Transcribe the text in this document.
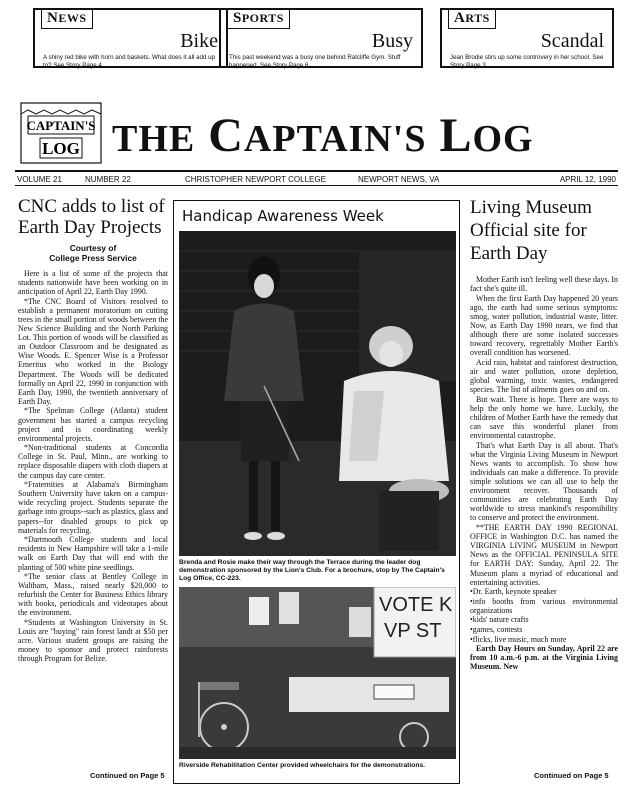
NEWS
Bike
A shiny red bike with horn and baskets. What does it all add up to? See Story Page 4.
SPORTS
Busy
This past weekend was a busy one behind Ratcliffe Gym. Stuff happened. See Story Page 6.
ARTS
Scandal
Jean Brodie stirs up some controvery in her school. See Story Page 3.
CAPTAIN'S
LOG THE CAPTAIN'S LOG
VOLUME 21	NUMBER 22	CHRISTOPHER NEWPORT COLLEGE	NEWPORT NEWS, VA	APRIL 12, 1990
CNC adds to list of Earth Day Projects
Courtesy of
College Press Service

Here is a list of some of the projects that students nationwide have been working on in anticipation of April 22, Earth Day 1990.

*The CNC Board of Visitors resolved to establish a permanent moratorium on cutting trees in the small portion of woods between the New Science Building and the North Parking Lot. This portion of woods will be classified as an Outdoor Classroom and be designated as Wise Woods. E. Spencer Wise is a Professor Emeritus who worked in the Biology Department. The Woods will be dedicated formally on April 22, 1990 in conjunction with Earth Day, 1990, the twentieth anniversary of Earth Day.

*The Spelman College (Atlanta) student government has started a campus recycling project and is coordinating weekly environmental projects.

*Non-traditional students at Concordia College in St. Paul, Minn., are working to replace disposable diapers with cloth diapers at the campus day care center.

*Fraternities at Alabama's Birmingham Southern University have taken on a campus-wide recycling project. Students separate the garbage into groups--such as plastics, glass and papers--for disabled groups to pick up materials for recycling.

*Dartmouth College students and local residents in New Hampshire will take a 1-mile walk on Earth Day that will end with the planting of 500 white pine seedlings.

*The senior class at Bentley College in Waltham, Mass., raised nearly $20,000 to refurbish the Center for Business Ethics library with books, periodicals and videotapes about the environment.

*Students at Washington University in St. Louis are "buying" rain forest landt at $50 per acre. Various student groups are raising the money to sponsor and protect rainforests through Program for Belize.

Continued on Page 5
Handicap Awareness Week
Brenda and Rosie make their way through the Terrace during the leader dog demonstration sponsored by the Lion's Club. For a brochure, stop by The Captain's Log Office, CC-223.
VOTE K
VP ST
Riverside Rehabilitation Center provided wheelchairs for the demonstrations.
Living Museum Official site for Earth Day

Mother Earth isn't feeling well these days. In fact she's quite ill.

When the first Earth Day happened 20 years ago, the earth had some serious symptoms: smog, water pollution, industrial waste, litter. Now, as Earth Day 1990 nears, we find that although there are some isolated successes toward recovery, regrettably Mother Earth's overall condition has worsened.

Acid rain, habitat and rainforest destruction, air and water pollution, ozone depletion, global warming, toxic wastes, endangered species. The list of ailments goes on and on.

But wait. There is hope. There are ways to help the only home we have. Luckily, the children of Mother Earth have the remedy that can save this wonderful planet from environmental catastrophe.

That's what Earth Day is all about. That's what the Virginia Living Museum in Newport News wants to accomplish. To show how individuals can make a difference. To provide simple solutions we can all use to help the environment recover. Thousands of communities are celebrating Earth Day worldwide to stress mankind's responsibility to conserve and protect the environment.

**THE EARTH DAY 1990 REGIONAL OFFICE in Washington D.C. has named the VIRGINIA LIVING MUSEUM in Newport News as the OFFICIAL PENINSULA SITE for EARTH DAY: Sunday, April 22. The Museum plans a myriad of educational and entertaining activities.

•Dr. Earth, keynote speaker

•info booths from various environmental organizations

•kids' nature crafts

•games, contests

•flicks, live music, much more

Earth Day Hours on Sunday, April 22 are from 10 a.m.-6 p.m. at the Virginia Living Museum. New

Continued on Page 5
